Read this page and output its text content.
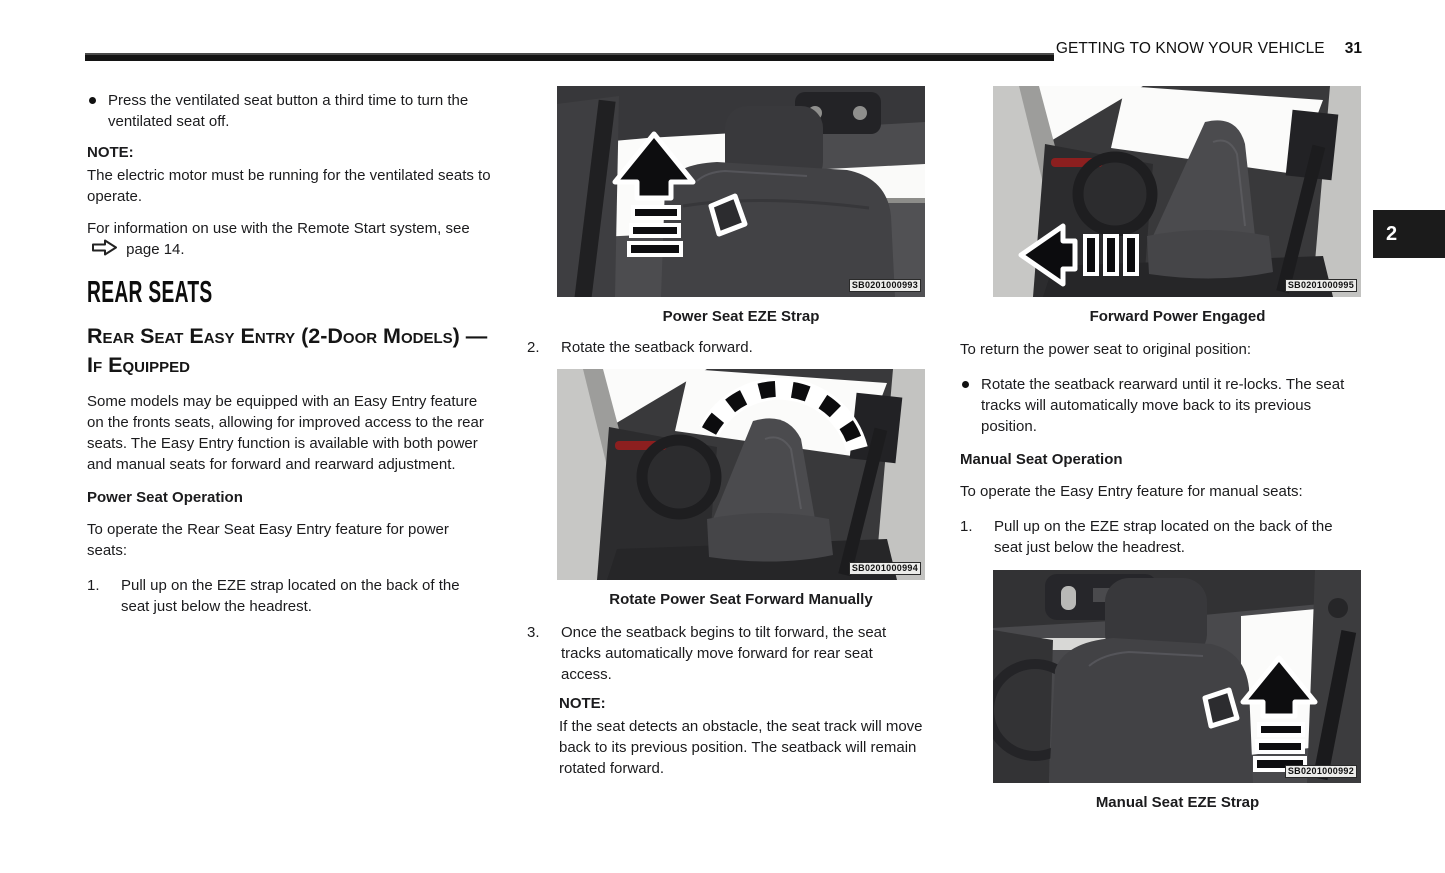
GETTING TO KNOW YOUR VEHICLE 31
2
Press the ventilated seat button a third time to turn the ventilated seat off.
NOTE:
The electric motor must be running for the ventilated seats to operate.
For information on use with the Remote Start system, see  page 14.
REAR SEATS
Rear Seat Easy Entry (2-Door Models) — If Equipped
Some models may be equipped with an Easy Entry feature on the fronts seats, allowing for improved access to the rear seats. The Easy Entry function is available with both power and manual seats for forward and rearward adjustment.
Power Seat Operation
To operate the Rear Seat Easy Entry feature for power seats:
1.	Pull up on the EZE strap located on the back of the seat just below the headrest.
SB0201000993
Power Seat EZE Strap
2.	Rotate the seatback forward.
SB0201000994
Rotate Power Seat Forward Manually
3.	Once the seatback begins to tilt forward, the seat tracks automatically move forward for rear seat access.
NOTE:
If the seat detects an obstacle, the seat track will move back to its previous position. The seatback will remain rotated forward.
SB0201000995
Forward Power Engaged
To return the power seat to original position:
Rotate the seatback rearward until it re-locks. The seat tracks will automatically move back to its previous position.
Manual Seat Operation
To operate the Easy Entry feature for manual seats:
1.	Pull up on the EZE strap located on the back of the seat just below the headrest.
SB0201000992
Manual Seat EZE Strap
